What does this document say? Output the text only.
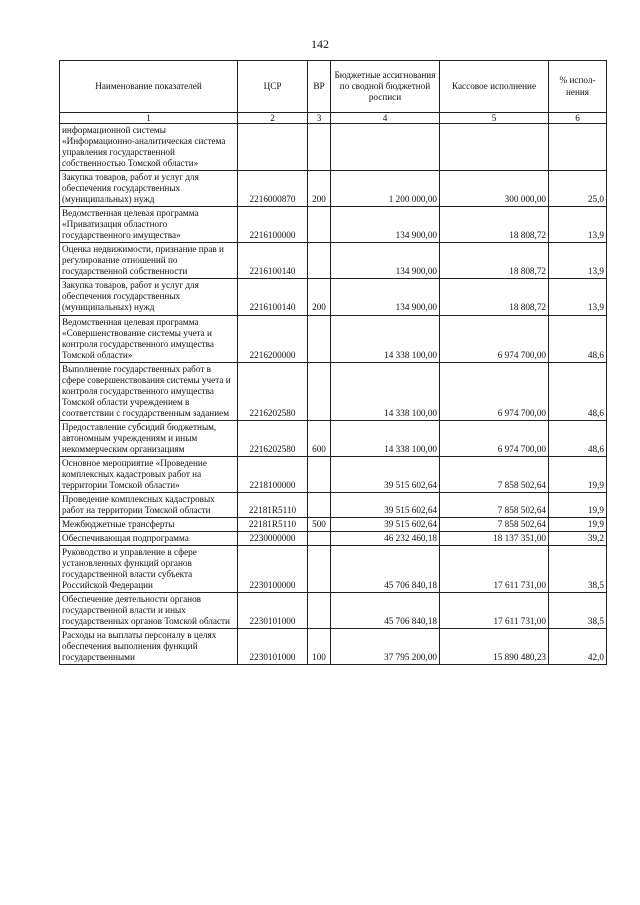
142
Наименование показателей	ЦСР	ВР	Бюджетные ассигнования по сводной бюджетной росписи	Кассовое исполнение	% испол-нения
1	2	3	4	5	6
информационной системы «Информационно-аналитическая система управления государственной собственностью Томской области»					
Закупка товаров, работ и услуг для обеспечения государственных (муниципальных) нужд	2216000870	200	1 200 000,00	300 000,00	25,0
Ведомственная целевая программа «Приватизация областного государственного имущества»	2216100000		134 900,00	18 808,72	13,9
Оценка недвижимости, признание прав и регулирование отношений по государственной собственности	2216100140		134 900,00	18 808,72	13,9
Закупка товаров, работ и услуг для обеспечения государственных (муниципальных) нужд	2216100140	200	134 900,00	18 808,72	13,9
Ведомственная целевая программа «Совершенствование системы учета и контроля государственного имущества Томской области»	2216200000		14 338 100,00	6 974 700,00	48,6
Выполнение государственных работ в сфере совершенствования системы учета и контроля государственного имущества Томской области учреждением в соответствии с государственным заданием	2216202580		14 338 100,00	6 974 700,00	48,6
Предоставление субсидий бюджетным, автономным учреждениям и иным некоммерческим организациям	2216202580	600	14 338 100,00	6 974 700,00	48,6
Основное мероприятие «Проведение комплексных кадастровых работ на территории Томской области»	2218100000		39 515 602,64	7 858 502,64	19,9
Проведение комплексных кадастровых работ на территории Томской области	22181R5110		39 515 602,64	7 858 502,64	19,9
Межбюджетные трансферты	22181R5110	500	39 515 602,64	7 858 502,64	19,9
Обеспечивающая подпрограмма	2230000000		46 232 460,18	18 137 351,00	39,2
Руководство и управление в сфере установленных функций органов государственной власти субъекта Российской Федерации	2230100000		45 706 840,18	17 611 731,00	38,5
Обеспечение деятельности органов государственной власти и иных государственных органов Томской области	2230101000		45 706 840,18	17 611 731,00	38,5
Расходы на выплаты персоналу в целях обеспечения выполнения функций государственными	2230101000	100	37 795 200,00	15 890 480,23	42,0
